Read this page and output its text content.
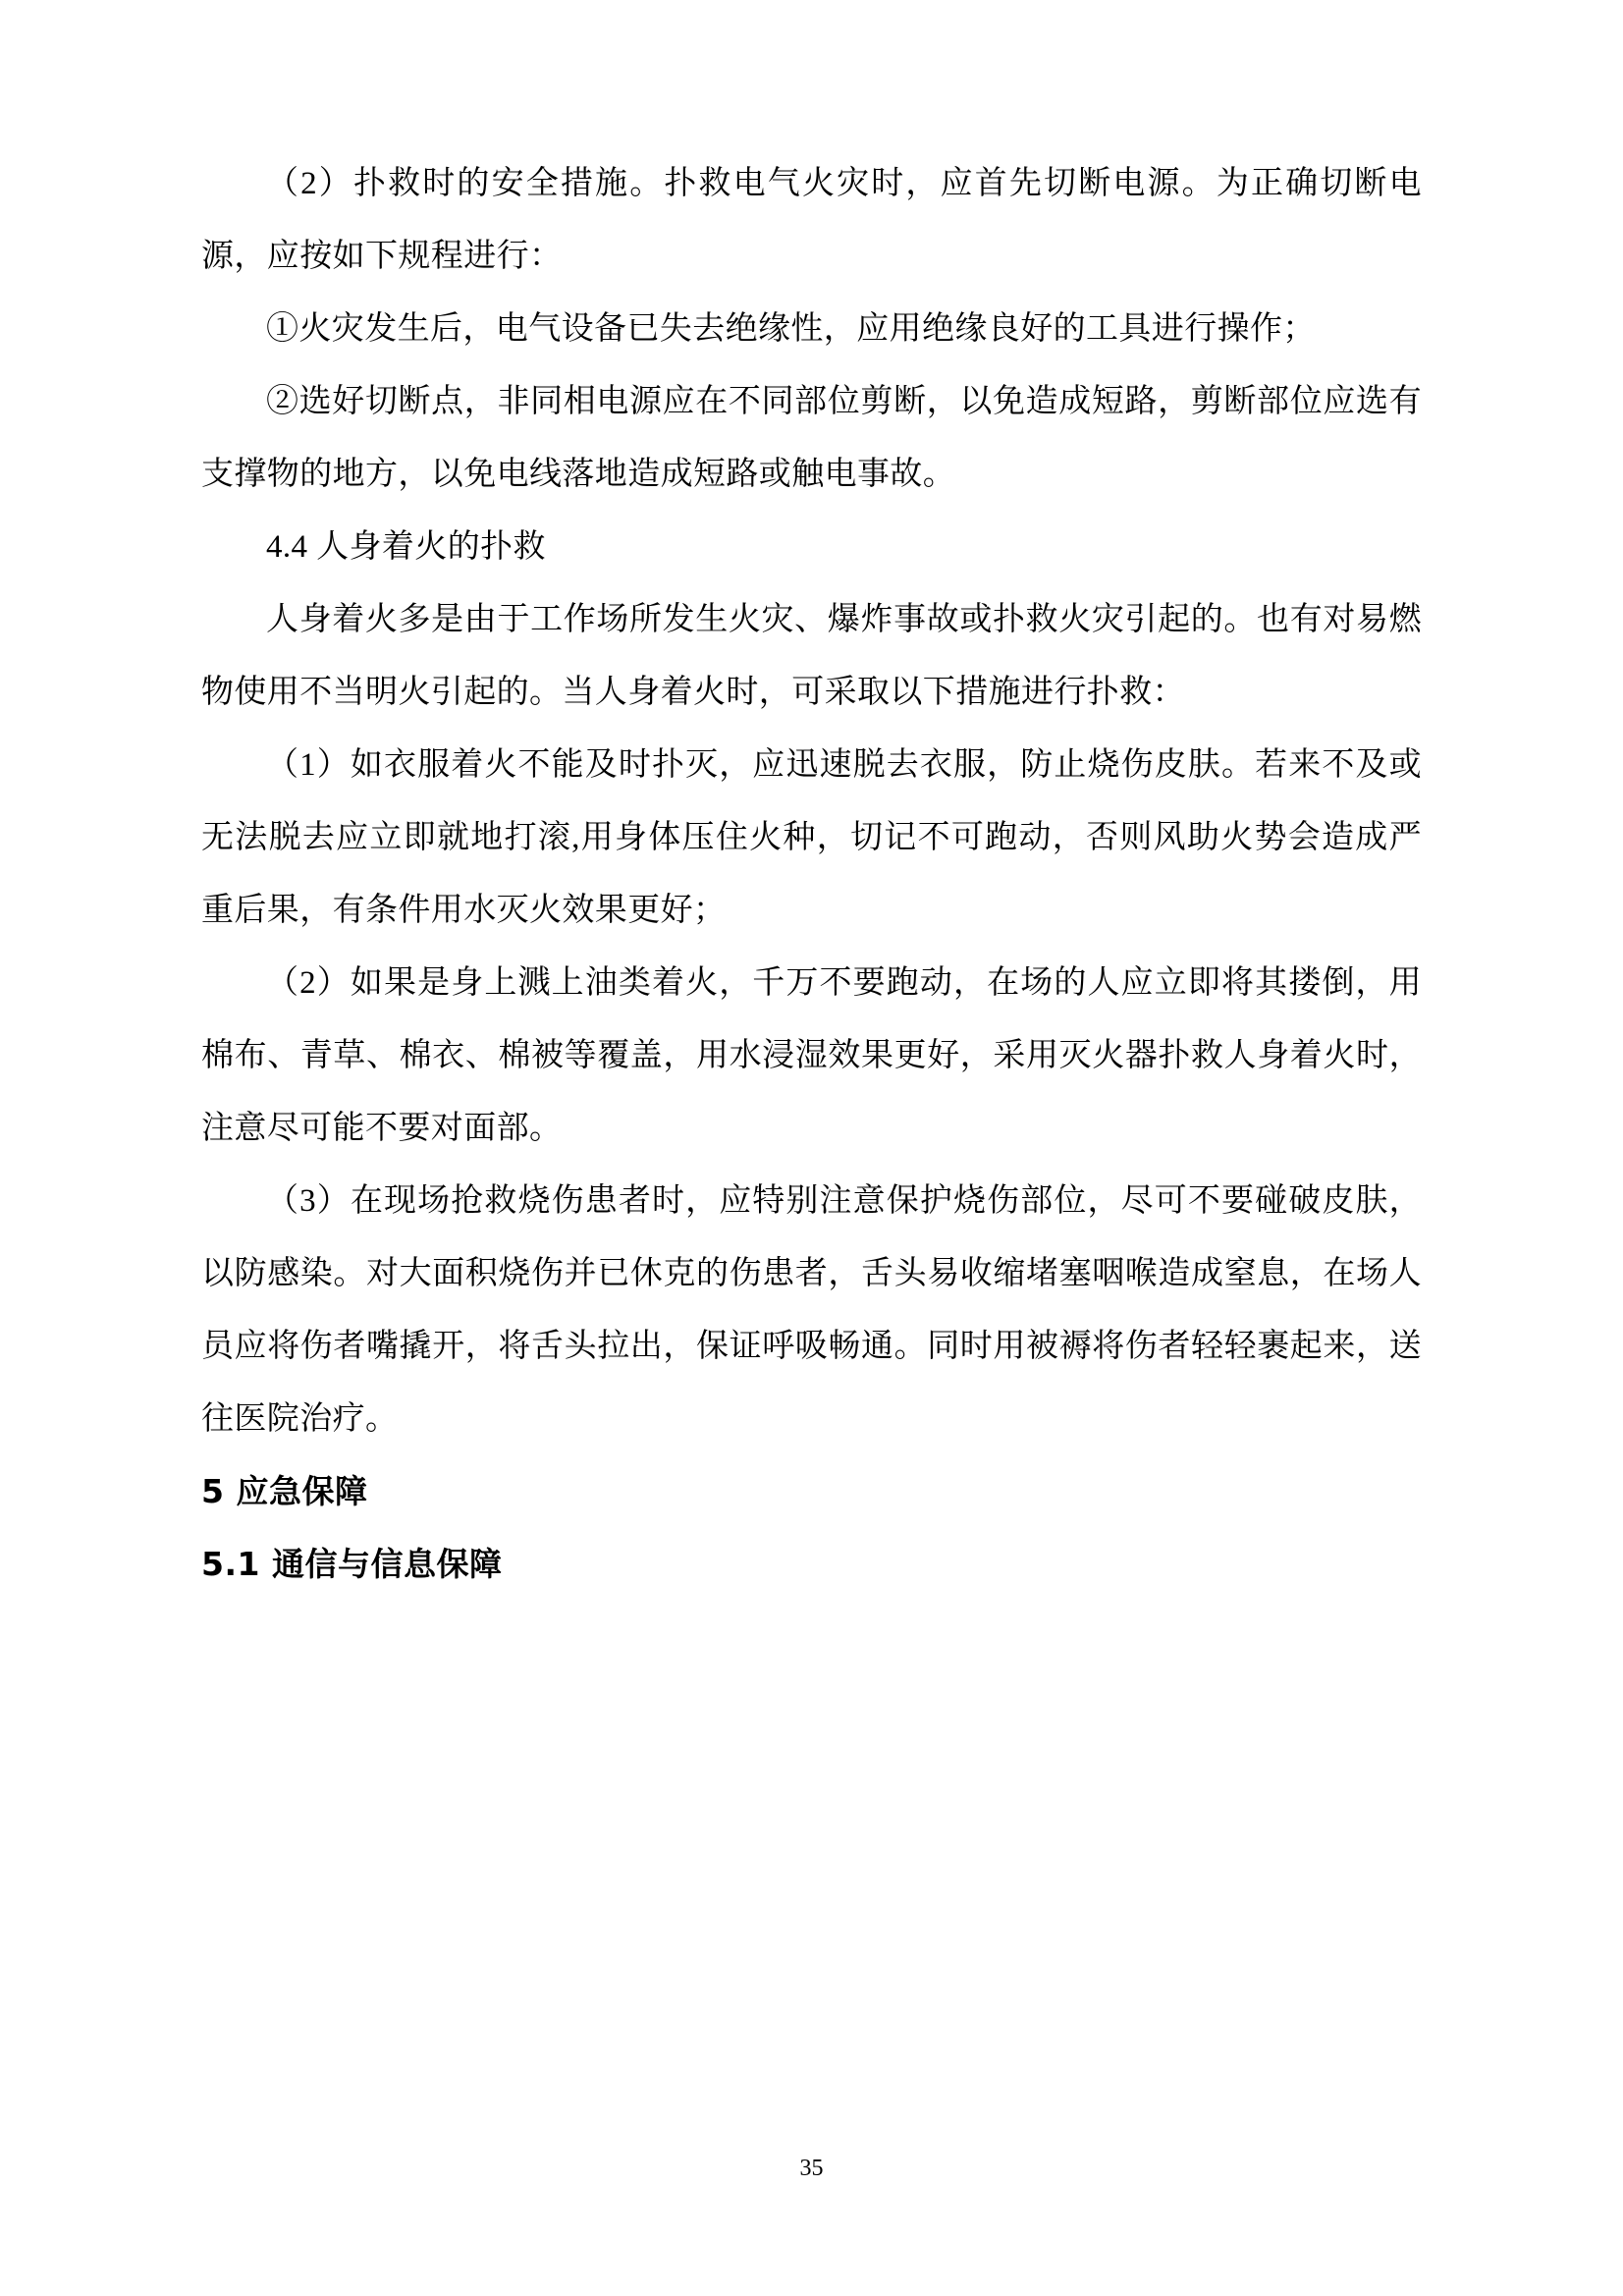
（2）扑救时的安全措施。扑救电气火灾时，应首先切断电源。为正确切断电源，应按如下规程进行：

①火灾发生后，电气设备已失去绝缘性，应用绝缘良好的工具进行操作；

②选好切断点，非同相电源应在不同部位剪断，以免造成短路，剪断部位应选有支撑物的地方，以免电线落地造成短路或触电事故。

4.4 人身着火的扑救

人身着火多是由于工作场所发生火灾、爆炸事故或扑救火灾引起的。也有对易燃物使用不当明火引起的。当人身着火时，可采取以下措施进行扑救：

（1）如衣服着火不能及时扑灭，应迅速脱去衣服，防止烧伤皮肤。若来不及或无法脱去应立即就地打滚,用身体压住火种，切记不可跑动，否则风助火势会造成严重后果，有条件用水灭火效果更好；

（2）如果是身上溅上油类着火，千万不要跑动，在场的人应立即将其搂倒，用棉布、青草、棉衣、棉被等覆盖，用水浸湿效果更好，采用灭火器扑救人身着火时，注意尽可能不要对面部。

（3）在现场抢救烧伤患者时，应特别注意保护烧伤部位，尽可不要碰破皮肤，以防感染。对大面积烧伤并已休克的伤患者，舌头易收缩堵塞咽喉造成窒息，在场人员应将伤者嘴撬开，将舌头拉出，保证呼吸畅通。同时用被褥将伤者轻轻裹起来，送往医院治疗。

5 应急保障
5.1 通信与信息保障
35
